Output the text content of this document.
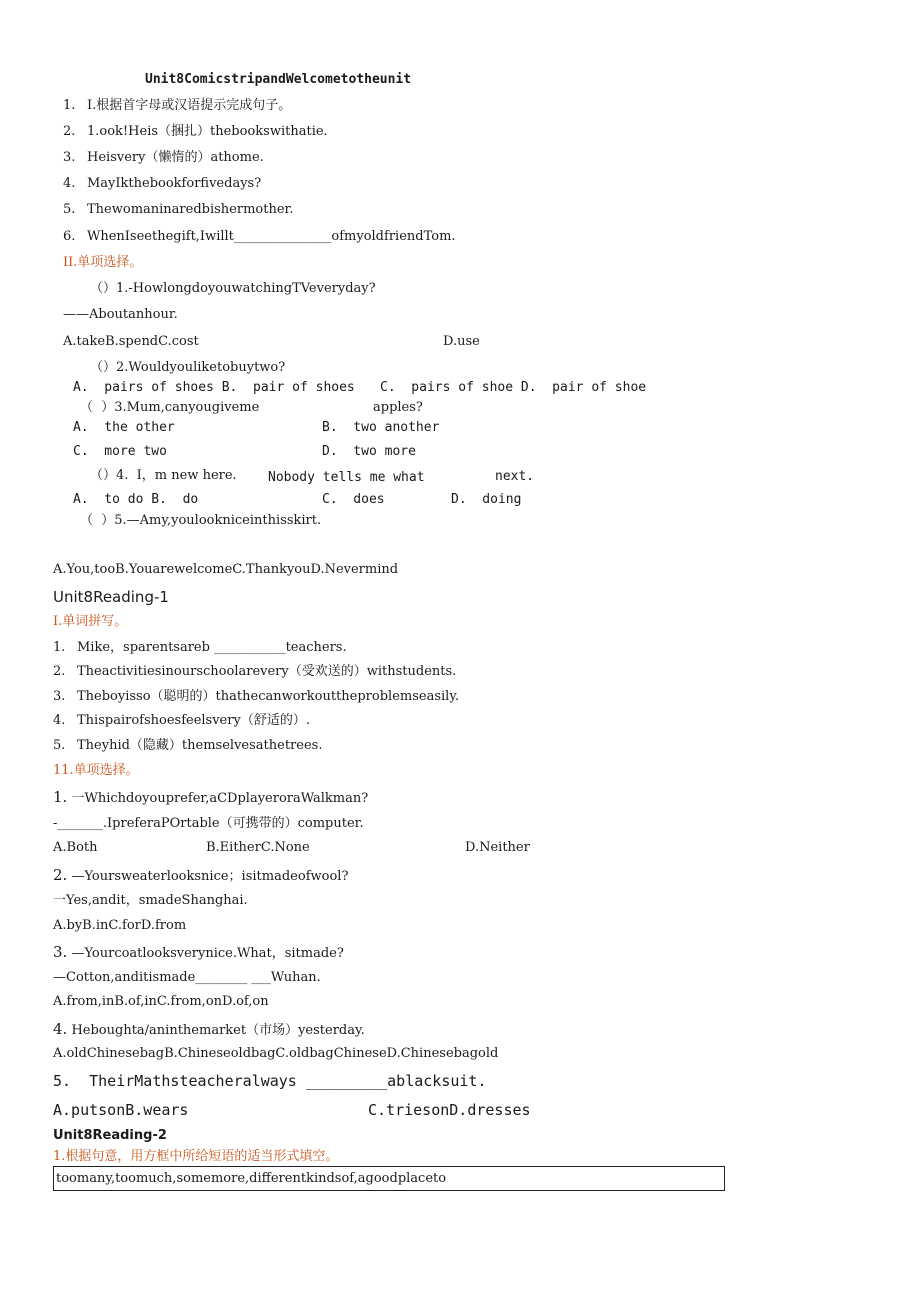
Unit8ComicstripandWelcometotheunit
1. I.根据首字母或汉语提示完成句子。
2. 1.ook!Heis（捆扎）thebookswithatie.
3. Heisvery（懒惰的）athome.
4. MayIkthebookforfivedays?
5. Thewomaninaredbishermother.
6. WhenIseethegift,Iwillt_______________ofmyoldfriendTom.
II.单项选择。
（）1.-HowlongdoyouwatchingTVeveryday?
——Aboutanhour.
A.takeB.spendC.cost	D.use
（）2.Wouldyouliketobuytwo?
A.  pairs of shoes B.  pair of shoes C.  pairs of shoe D.  pair of shoe
（  ）3.Mum,canyougiveme	apples?
A.  the other	B.  two another
C.  more two	D.  two more
（）4.  I，m new here. Nobody tells me what	next.
A.  to do B.  do	C.  does	D.  doing
（  ）5.—Amy,youlookniceinthisskirt.
A.You,tooB.YouarewelcomeC.ThankyouD.Nevermind
Unit8Reading-1
I.单词拼写。
1. Mike，sparentsareb ___________teachers.
2. Theactivitiesinourschoolarevery（受欢送的）withstudents.
3. Theboyisso（聪明的）thathecanworkouttheproblemseasily.
4. Thispairofshoesfeelsvery（舒适的）.
5. Theyhid（隐藏）themselvesathetrees.
11.单项选择。
1. 一Whichdoyouprefer,aCDplayeroraWalkman?
-_______.IpreferaPOrtable（可携带的）computer.
A.Both	B.EitherC.None	D.Neither
2. —Yoursweaterlooksnice；isitmadeofwool?
一Yes,andit，smadeShanghai.
A.byB.inC.forD.from
3. —Yourcoatlooksverynice.What，sitmade?
—Cotton,anditismade________ ___Wuhan.
A.from,inB.of,inC.from,onD.of,on
4. Heboughta/aninthemarket（市场）yesterday.
A.oldChinesebagB.ChineseoldbagC.oldbagChineseD.Chinesebagold
5.  TheirMathsteacheralways _________ablacksuit.
A.putsonB.wears	C.triesonD.dresses
Unit8Reading-2
1.根据句意，用方框中所给短语的适当形式填空。
toomany,toomuch,somemore,differentkindsof,agoodplaceto
